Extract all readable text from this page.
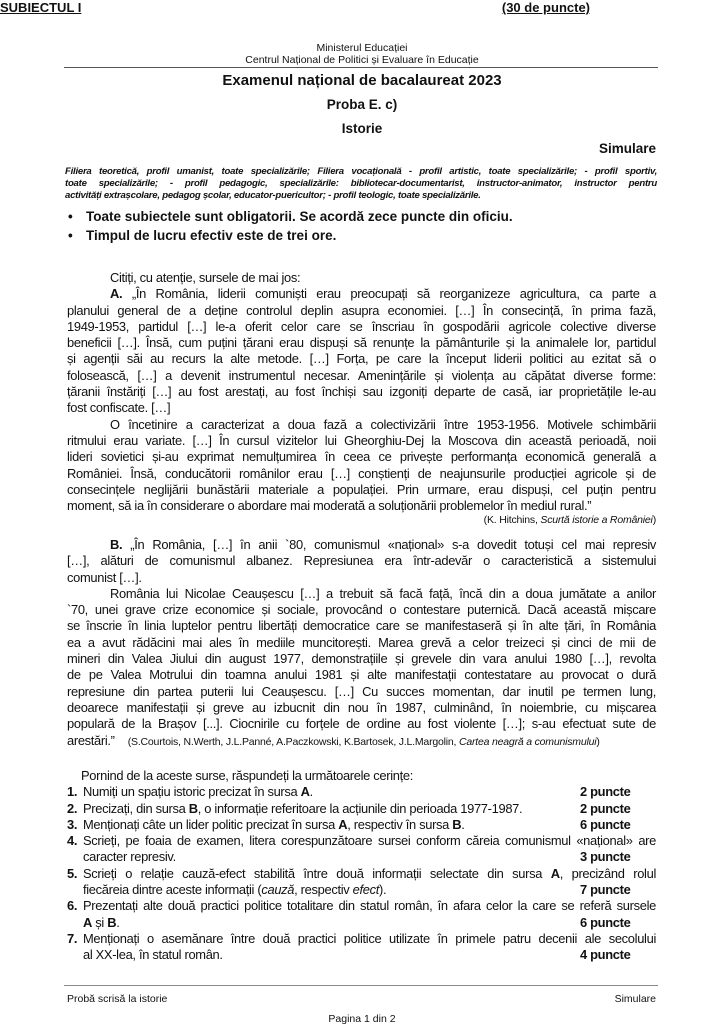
Ministerul Educației
Centrul Național de Politici și Evaluare în Educație
Examenul național de bacalaureat 2023
Proba E. c)
Istorie
Simulare
Filiera teoretică, profil umanist, toate specializările; Filiera vocațională - profil artistic, toate specializările; - profil sportiv,
toate specializările; - profil pedagogic, specializările: bibliotecar-documentarist, instructor-animator, instructor pentru
activități extrașcolare, pedagog școlar, educator-puericultor; - profil teologic, toate specializările.
• Toate subiectele sunt obligatorii. Se acordă zece puncte din oficiu.
• Timpul de lucru efectiv este de trei ore.
SUBIECTUL I	(30 de puncte)
Citiți, cu atenție, sursele de mai jos:
A. „În România, liderii comuniști erau preocupați să reorganizeze agricultura, ca parte a
planului general de a deține controlul deplin asupra economiei. […] În consecință, în prima fază,
1949-1953, partidul […] le-a oferit celor care se înscriau în gospodării agricole colective diverse
beneficii […]. Însă, cum puțini țărani erau dispuși să renunțe la pământurile și la animalele lor, partidul
și agenții săi au recurs la alte metode. […] Forța, pe care la început liderii politici au ezitat să o
folosească, […] a devenit instrumentul necesar. Amenințările și violența au căpătat diverse forme:
țăranii înstăriți […] au fost arestați, au fost închiși sau izgoniți departe de casă, iar proprietățile le-au
fost confiscate. […]
O încetinire a caracterizat a doua fază a colectivizării între 1953-1956. Motivele schimbării
ritmului erau variate. […] În cursul vizitelor lui Gheorghiu-Dej la Moscova din această perioadă, noii
lideri sovietici și-au exprimat nemulțumirea în ceea ce privește performanța economică generală a
României. Însă, conducătorii românilor erau […] conștienți de neajunsurile producției agricole și de
consecințele neglijării bunăstării materiale a populației. Prin urmare, erau dispuși, cel puțin pentru
moment, să ia în considerare o abordare mai moderată a soluționării problemelor în mediul rural.”
(K. Hitchins, Scurtă istorie a României)
B. „În România, […] în anii `80, comunismul «național» s-a dovedit totuși cel mai represiv
[…], alături de comunismul albanez. Represiunea era într-adevăr o caracteristică a sistemului
comunist […].
România lui Nicolae Ceaușescu […] a trebuit să facă față, încă din a doua jumătate a anilor
`70, unei grave crize economice și sociale, provocând o contestare puternică. Dacă această mișcare
se înscrie în linia luptelor pentru libertăți democratice care se manifestaseră și în alte țări, în România
ea a avut rădăcini mai ales în mediile muncitorești. Marea grevă a celor treizeci și cinci de mii de
mineri din Valea Jiului din august 1977, demonstrațiile și grevele din vara anului 1980 […], revolta
de pe Valea Motrului din toamna anului 1981 și alte manifestații contestatare au provocat o dură
represiune din partea puterii lui Ceaușescu. […] Cu succes momentan, dar inutil pe termen lung,
deoarece manifestații și greve au izbucnit din nou în 1987, culminând, în noiembrie, cu mișcarea
populară de la Brașov [...]. Ciocnirile cu forțele de ordine au fost violente […]; s-au efectuat sute de
arestări.” (S.Courtois, N.Werth, J.L.Panné, A.Paczkowski, K.Bartosek, J.L.Margolin, Cartea neagră a comunismului)
Pornind de la aceste surse, răspundeți la următoarele cerințe:
1. Numiți un spațiu istoric precizat în sursa A.	2 puncte
2. Precizați, din sursa B, o informație referitoare la acțiunile din perioada 1977-1987.	2 puncte
3. Menționați câte un lider politic precizat în sursa A, respectiv în sursa B.	6 puncte
4. Scrieți, pe foaia de examen, litera corespunzătoare sursei conform căreia comunismul «național» are
caracter represiv.	3 puncte
5. Scrieți o relație cauză-efect stabilită între două informații selectate din sursa A, precizând rolul
fiecăreia dintre aceste informații (cauză, respectiv efect).	7 puncte
6. Prezentați alte două practici politice totalitare din statul român, în afara celor la care se referă sursele
A și B.	6 puncte
7. Menționați o asemănare între două practici politice utilizate în primele patru decenii ale secolului
al XX-lea, în statul român.	4 puncte
Probă scrisă la istorie	Simulare
Pagina 1 din 2
